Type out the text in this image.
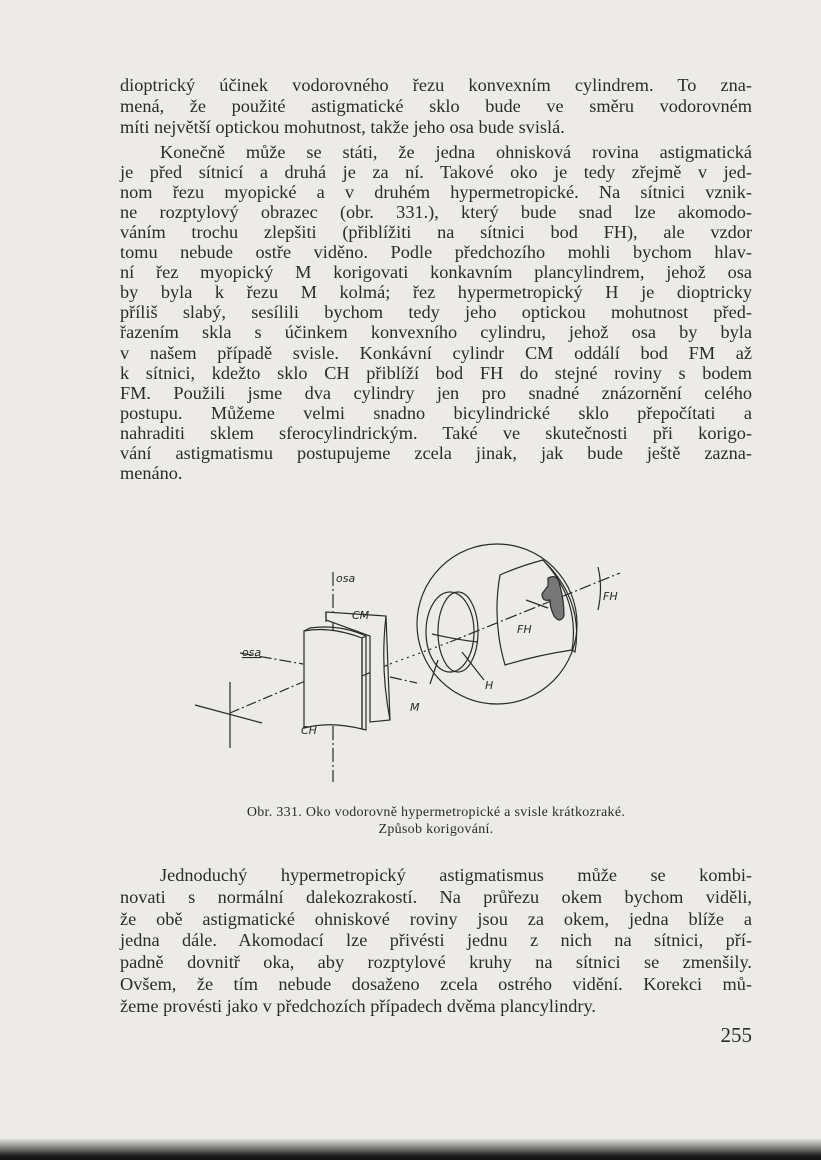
dioptrický účinek vodorovného řezu konvexním cylindrem. To zna-
mená, že použité astigmatické sklo bude ve směru vodorovném
míti největší optickou mohutnost, takže jeho osa bude svislá.
Konečně může se státi, že jedna ohnisková rovina astigmatická
je před sítnicí a druhá je za ní. Takové oko je tedy zřejmě v jed-
nom řezu myopické a v druhém hypermetropické. Na sítnici vznik-
ne rozptylový obrazec (obr. 331.), který bude snad lze akomodo-
váním trochu zlepšiti (přiblížiti na sítnici bod FH), ale vzdor
tomu nebude ostře viděno. Podle předchozího mohli bychom hlav-
ní řez myopický M korigovati konkavním plancylindrem, jehož osa
by byla k řezu M kolmá; řez hypermetropický H je dioptricky
příliš slabý, sesílili bychom tedy jeho optickou mohutnost před-
řazením skla s účinkem konvexního cylindru, jehož osa by byla
v našem případě svisle. Konkávní cylindr CM oddálí bod FM až
k sítnici, kdežto sklo CH přiblíží bod FH do stejné roviny s bodem
FM. Použili jsme dva cylindry jen pro snadné znázornění celého
postupu. Můžeme velmi snadno bicylindrické sklo přepočítati a
nahraditi sklem sferocylindrickým. Také ve skutečnosti při korigo-
vání astigmatismu postupujeme zcela jinak, jak bude ještě zazna-
menáno.
osa
osa
CM
CH
M
H
FH
FH
Obr. 331. Oko vodorovně hypermetropické a svisle krátkozraké.
Způsob korigování.
Jednoduchý hypermetropický astigmatismus může se kombi-
novati s normální dalekozrakostí. Na průřezu okem bychom viděli,
že obě astigmatické ohniskové roviny jsou za okem, jedna blíže a
jedna dále. Akomodací lze přivésti jednu z nich na sítnici, pří-
padně dovnitř oka, aby rozptylové kruhy na sítnici se zmenšily.
Ovšem, že tím nebude dosaženo zcela ostrého vidění. Korekci mů-
žeme provésti jako v předchozích případech dvěma plancylindry.
255
